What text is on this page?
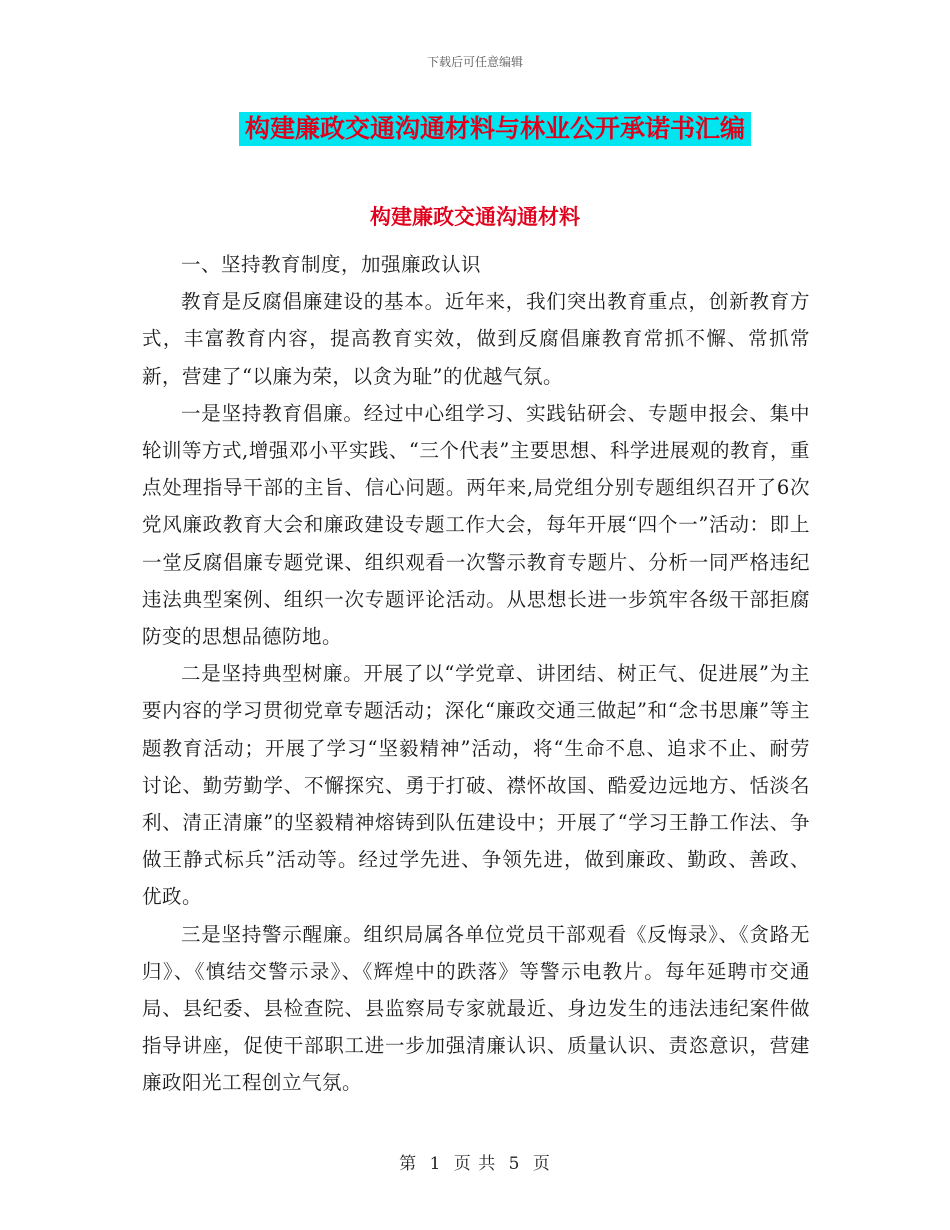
下载后可任意编辑
构建廉政交通沟通材料与林业公开承诺书汇编
构建廉政交通沟通材料

一、坚持教育制度，加强廉政认识

教育是反腐倡廉建设的基本。近年来，我们突出教育重点，创新教育方式，丰富教育内容，提高教育实效，做到反腐倡廉教育常抓不懈、常抓常新，营建了“以廉为荣，以贪为耻”的优越气氛。

一是坚持教育倡廉。经过中心组学习、实践钻研会、专题申报会、集中轮训等方式,增强邓小平实践、“三个代表”主要思想、科学进展观的教育，重点处理指导干部的主旨、信心问题。两年来,局党组分别专题组织召开了6次党风廉政教育大会和廉政建设专题工作大会，每年开展“四个一”活动：即上一堂反腐倡廉专题党课、组织观看一次警示教育专题片、分析一同严格违纪违法典型案例、组织一次专题评论活动。从思想长进一步筑牢各级干部拒腐防变的思想品德防地。

二是坚持典型树廉。开展了以“学党章、讲团结、树正气、促进展”为主要内容的学习贯彻党章专题活动；深化“廉政交通三做起”和“念书思廉”等主题教育活动；开展了学习“坚毅精神”活动，将“生命不息、追求不止、耐劳讨论、勤劳勤学、不懈探究、勇于打破、襟怀故国、酷爱边远地方、恬淡名利、清正清廉”的坚毅精神熔铸到队伍建设中；开展了“学习王静工作法、争做王静式标兵”活动等。经过学先进、争领先进，做到廉政、勤政、善政、优政。

三是坚持警示醒廉。组织局属各单位党员干部观看《反悔录》、《贪路无归》、《慎结交警示录》、《辉煌中的跌落》等警示电教片。每年延聘市交通局、县纪委、县检查院、县监察局专家就最近、身边发生的违法违纪案件做指导讲座，促使干部职工进一步加强清廉认识、质量认识、责恣意识，营建廉政阳光工程创立气氛。

第 1 页 共 5 页
